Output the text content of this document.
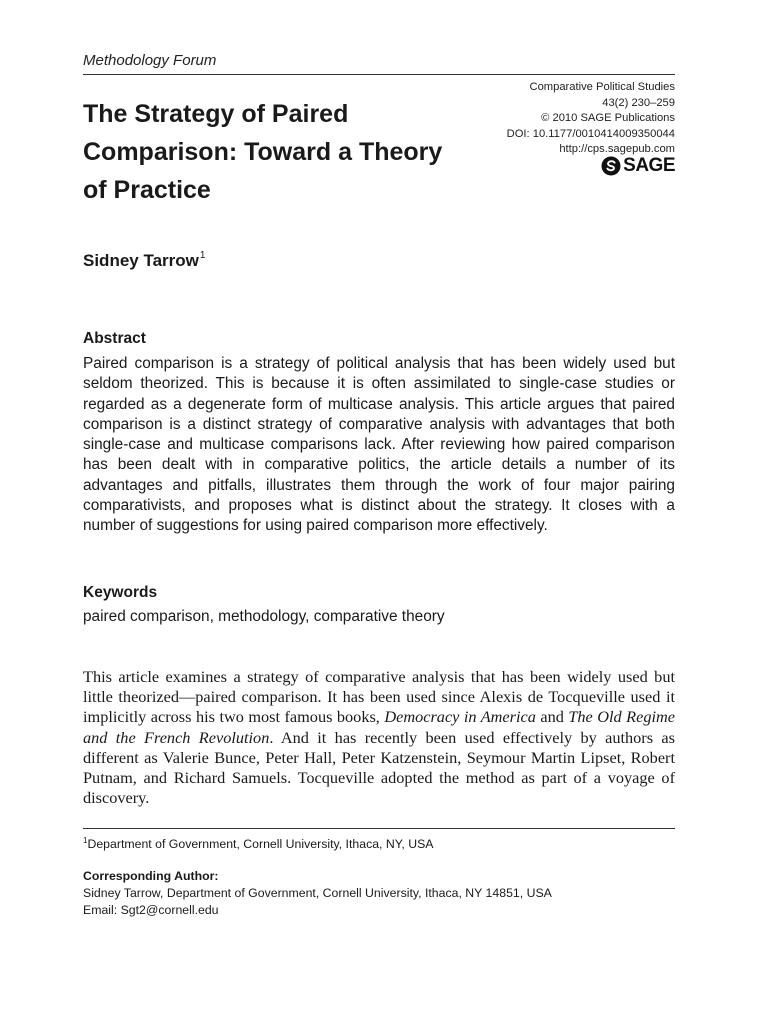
Methodology Forum
The Strategy of Paired Comparison: Toward a Theory of Practice
Comparative Political Studies
43(2) 230–259
© 2010 SAGE Publications
DOI: 10.1177/0010414009350044
http://cps.sagepub.com
SAGE
Sidney Tarrow$^1$
Abstract

Paired comparison is a strategy of political analysis that has been widely used but seldom theorized. This is because it is often assimilated to single-case studies or regarded as a degenerate form of multicase analysis. This article argues that paired comparison is a distinct strategy of comparative analysis with advantages that both single-case and multicase comparisons lack. After reviewing how paired comparison has been dealt with in comparative politics, the article details a number of its advantages and pitfalls, illustrates them through the work of four major pairing comparativists, and proposes what is distinct about the strategy. It closes with a number of suggestions for using paired comparison more effectively.

Keywords
paired comparison, methodology, comparative theory

This article examines a strategy of comparative analysis that has been widely used but little theorized—paired comparison. It has been used since Alexis de Tocqueville used it implicitly across his two most famous books, Democracy in America and The Old Regime and the French Revolution. And it has recently been used effectively by authors as different as Valerie Bunce, Peter Hall, Peter Katzenstein, Seymour Martin Lipset, Robert Putnam, and Richard Samuels. Tocqueville adopted the method as part of a voyage of discovery.

$^1$Department of Government, Cornell University, Ithaca, NY, USA
Corresponding Author:
Sidney Tarrow, Department of Government, Cornell University, Ithaca, NY 14851, USA
Email: Sgt2@cornell.edu
